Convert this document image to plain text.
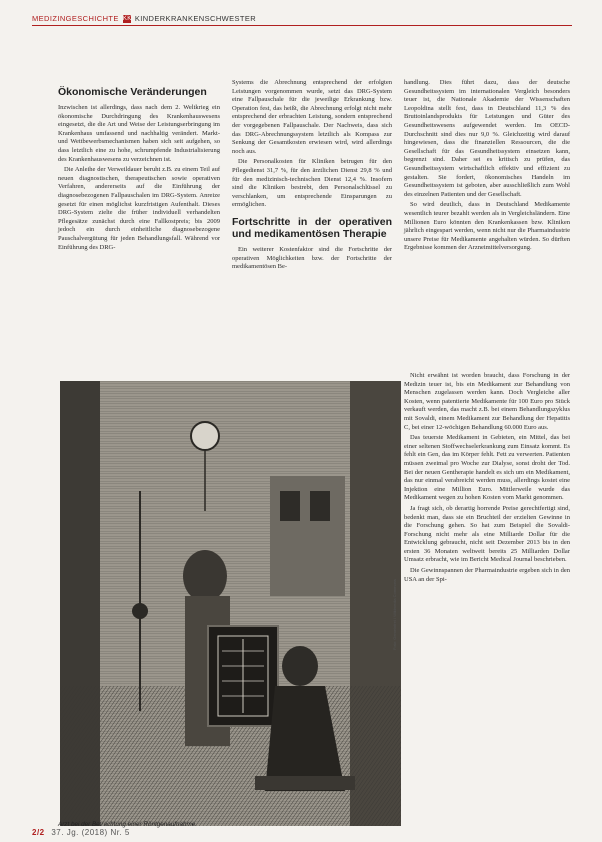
MEDIZINGESCHICHTE KK KINDERKRANKENSCHWESTER
Ökonomische Veränderungen

Inzwischen ist allerdings, dass nach dem 2. Weltkrieg ein ökonomische Durchdringung des Krankenhauswesens eingesetzt, die die Art und Weise der Leistungserbringung im Krankenhaus umfassend und nachhaltig verändert. Markt- und Wettbewerbsmechanismen haben sich seit aufgehen, so dass letztlich eine zu hohe, schrumpfende Industrialisierung des Krankenhauswesens zu verzeichnen ist.

Die Anleihe der Verweildauer beruht z.B. zu einem Teil auf neuen diagnostischen, therapeutischen sowie operativen Verfahren, andererseits auf die Einführung der diagnosebezogenen Fallpauschalen im DRG-System. Anreize gesetzt für einen möglichst kurzfristigen Aufenthalt. Dieses DRG-System zielte die früher individuell verhandelten Pflegesätze zunächst durch eine Fallkostpreis; bis 2009 jedoch ein durch einheitliche diagnosebezogene Pauschalvergütung für jeden Behandlungsfall. Während vor Einführung des DRG-

Systems die Abrechnung entsprechend der erfolgten Leistungen vorgenommen wurde, setzt das DRG-System eine Fallpauschale für die jeweilige Erkrankung bzw. Operation fest, das heißt, die Abrechnung erfolgt nicht mehr entsprechend der erbrachten Leistung, sondern entsprechend der vorgegebenen Fallpauschale. Der Nachweis, dass sich das DRG-Abrechnungssystem letztlich als Kompass zur Senkung der Gesamtkosten erwiesen wird, wird allerdings noch aus.

Die Personalkosten für Kliniken betrugen für den Pflegedienst 31,7 %, für den ärztlichen Dienst 29,8 % und für den medizinisch-technischen Dienst 12,4 %. Insofern sind die Kliniken bestrebt, den Personalschlüssel zu verschlanken, um entsprechende Einsparungen zu ermöglichen.

Fortschritte in der operativen und medikamentösen Therapie

Ein weiterer Kostenfaktor sind die Fortschritte der operativen Möglichkeiten bzw. der Fortschritte der medikamentösen Be-

handlung. Dies führt dazu, dass der deutsche Gesundheitssystem im internationalen Vergleich besonders teuer ist, die Nationale Akademie der Wissenschaften Leopoldina stellt fest, dass in Deutschland 11,3 % des Bruttoinlandsprodukts für Leistungen und Güter des Gesundheitswesens aufgewendet werden. Im OECD-Durchschnitt sind dies nur 9,0 %. Gleichzeitig wird darauf hingewiesen, dass die finanziellen Ressourcen, die die Gesellschaft für das Gesundheitssystem einsetzen kann, begrenzt sind. Daher sei es kritisch zu prüfen, das Gesundheitssystem wirtschaftlich effektiv und effizient zu gestalten. Sie fordert, ökonomisches Handeln im Gesundheitssystem ist geboten, aber ausschließlich zum Wohl des einzelnen Patienten und der Gesellschaft.

So wird deutlich, dass in Deutschland Medikamente wesentlich teurer bezahlt werden als in Vergleichsländern. Eine Millionen Euro könnten den Krankenkassen bzw. Kliniken jährlich eingespart werden, wenn nicht nur die Pharmaindustrie unsere Preise für Medikamente angehalten würden. So dürften Ergebnisse kommen der Arzneimittelversorgung.

Nicht erwähnt ist worden braucht, dass Forschung in der Medizin teuer ist, bis ein Medikament zur Behandlung von Menschen zugelassen werden kann. Doch Vergleiche aller Kosten, wenn patentierte Medikamente für 100 Euro pro Stück verkauft werden, das macht z.B. bei einem Behandlungszyklus mit Sovaldi, einem Medikament zur Behandlung der Hepatitis C, bei einer 12-wöchigen Behandlung 60.000 Euro aus.

Das teuerste Medikament in Gebieten, ein Mittel, das bei einer seltenen Stoffwechselerkrankung zum Einsatz kommt. Es fehlt ein Gen, das im Körper fehlt. Fett zu verwerten. Patienten müssen zweimal pro Woche zur Dialyse, sonst droht der Tod. Bei der neuen Gentherapie handelt es sich um ein Medikament, das nur einmal verabreicht werden muss, allerdings kostet eine Injektion eine Million Euro. Mittlerweile wurde das Medikament wegen zu hohen Kosten vom Markt genommen.

Ja fragt sich, ob derartig horrende Preise gerechtfertigt sind, bedenkt man, dass sie ein Bruchteil der erzielten Gewinne in die Forschung gehen. So hat zum Beispiel die Sovaldi-Forschung nicht mehr als eine Milliarde Dollar für die Entwicklung gebraucht, nicht seit Dezember 2013 bis in den ersten 36 Monaten weltweit bereits 25 Milliarden Dollar Umsatz erbracht, wie im Bericht Medical Journal beschrieben.

Die Gewinnspannen der Pharmaindustrie ergeben sich in den USA an der Spi-

Foto: Gemeinfrei / Wikimedia Commons
Arzt bei der Betrachtung einer Röntgenaufnahme.
2/2 37. Jg. (2018) Nr. 5
